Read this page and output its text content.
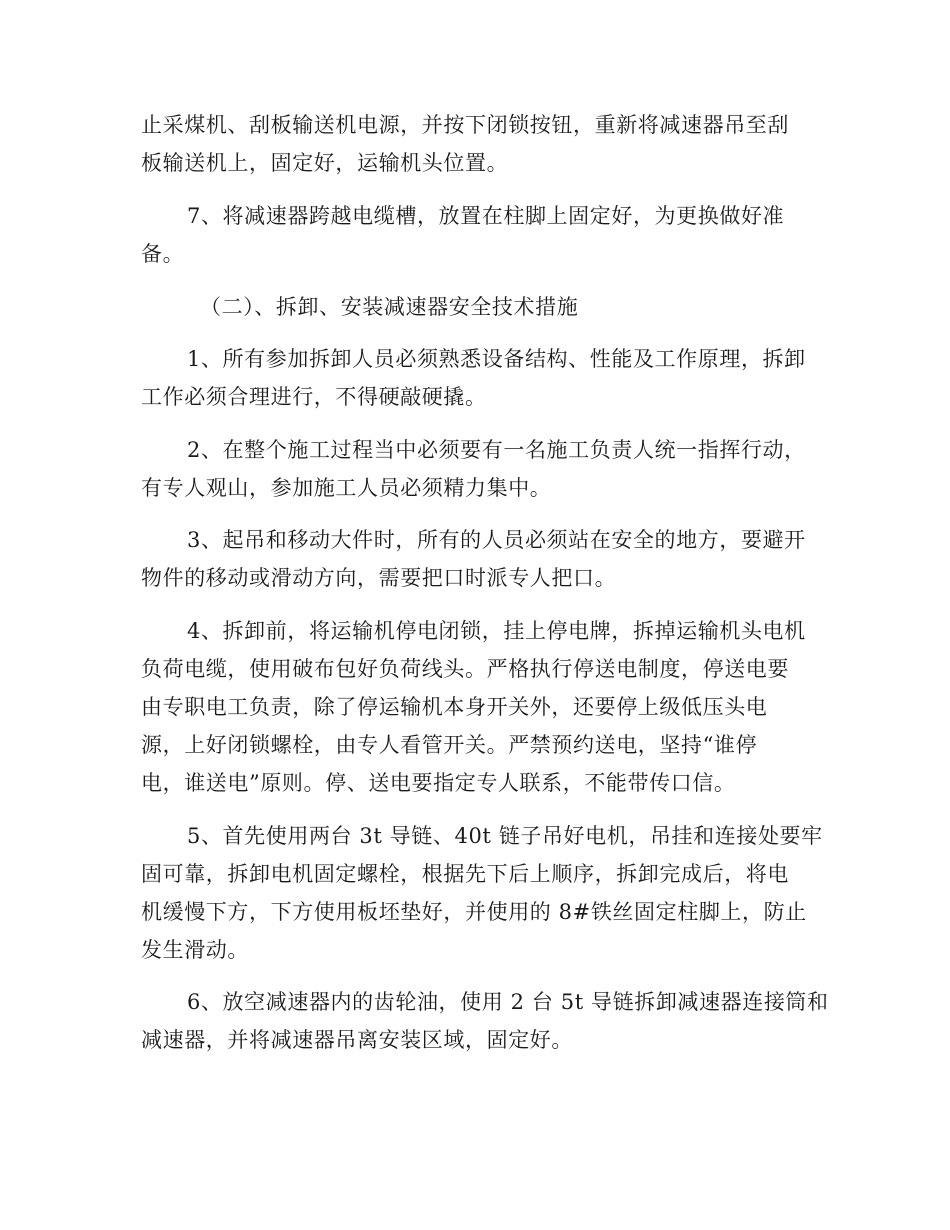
止采煤机、刮板输送机电源，并按下闭锁按钮，重新将减速器吊至刮
板输送机上，固定好，运输机头位置。
7、将减速器跨越电缆槽，放置在柱脚上固定好，为更换做好准
备。
（二）、拆卸、安装减速器安全技术措施
1、所有参加拆卸人员必须熟悉设备结构、性能及工作原理，拆卸
工作必须合理进行，不得硬敲硬撬。
2、在整个施工过程当中必须要有一名施工负责人统一指挥行动，
有专人观山，参加施工人员必须精力集中。
3、起吊和移动大件时，所有的人员必须站在安全的地方，要避开
物件的移动或滑动方向，需要把口时派专人把口。
4、拆卸前，将运输机停电闭锁，挂上停电牌，拆掉运输机头电机
负荷电缆，使用破布包好负荷线头。严格执行停送电制度，停送电要
由专职电工负责，除了停运输机本身开关外，还要停上级低压头电
源，上好闭锁螺栓，由专人看管开关。严禁预约送电，坚持“谁停
电，谁送电”原则。停、送电要指定专人联系，不能带传口信。
5、首先使用两台 3t 导链、40t 链子吊好电机，吊挂和连接处要牢
固可靠，拆卸电机固定螺栓，根据先下后上顺序，拆卸完成后，将电
机缓慢下方，下方使用板坯垫好，并使用的 8#铁丝固定柱脚上，防止
发生滑动。
6、放空减速器内的齿轮油，使用 2 台 5t 导链拆卸减速器连接筒和
减速器，并将减速器吊离安装区域，固定好。
